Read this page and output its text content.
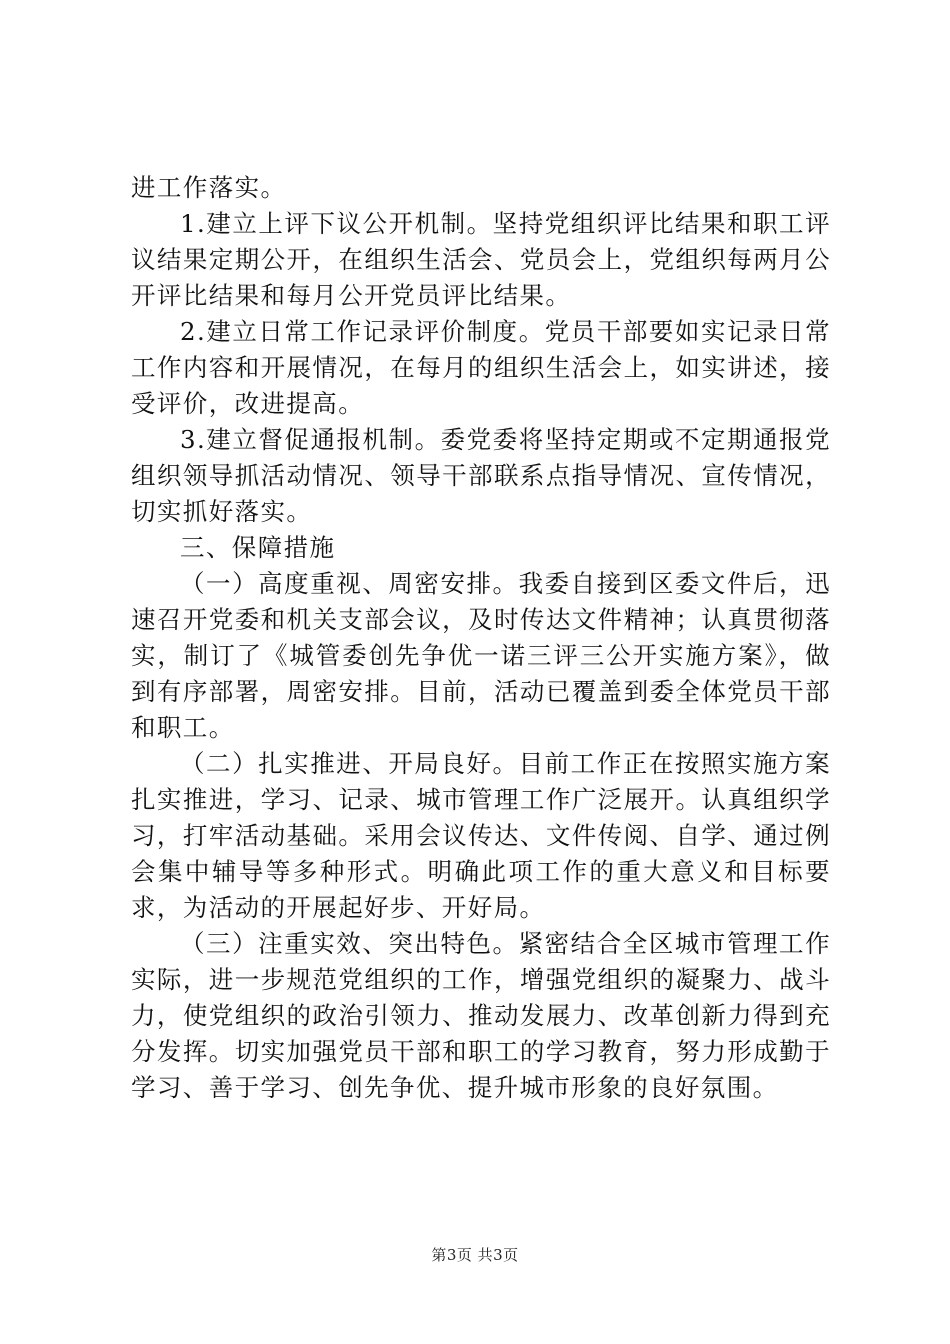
进工作落实。

1.建立上评下议公开机制。坚持党组织评比结果和职工评议结果定期公开，在组织生活会、党员会上，党组织每两月公开评比结果和每月公开党员评比结果。

2.建立日常工作记录评价制度。党员干部要如实记录日常工作内容和开展情况，在每月的组织生活会上，如实讲述，接受评价，改进提高。

3.建立督促通报机制。委党委将坚持定期或不定期通报党组织领导抓活动情况、领导干部联系点指导情况、宣传情况，切实抓好落实。

三、保障措施

（一）高度重视、周密安排。我委自接到区委文件后，迅速召开党委和机关支部会议，及时传达文件精神；认真贯彻落实，制订了《城管委创先争优一诺三评三公开实施方案》，做到有序部署，周密安排。目前，活动已覆盖到委全体党员干部和职工。

（二）扎实推进、开局良好。目前工作正在按照实施方案扎实推进，学习、记录、城市管理工作广泛展开。认真组织学习，打牢活动基础。采用会议传达、文件传阅、自学、通过例会集中辅导等多种形式。明确此项工作的重大意义和目标要求，为活动的开展起好步、开好局。

（三）注重实效、突出特色。紧密结合全区城市管理工作实际，进一步规范党组织的工作，增强党组织的凝聚力、战斗力，使党组织的政治引领力、推动发展力、改革创新力得到充分发挥。切实加强党员干部和职工的学习教育，努力形成勤于学习、善于学习、创先争优、提升城市形象的良好氛围。

第3页 共3页
